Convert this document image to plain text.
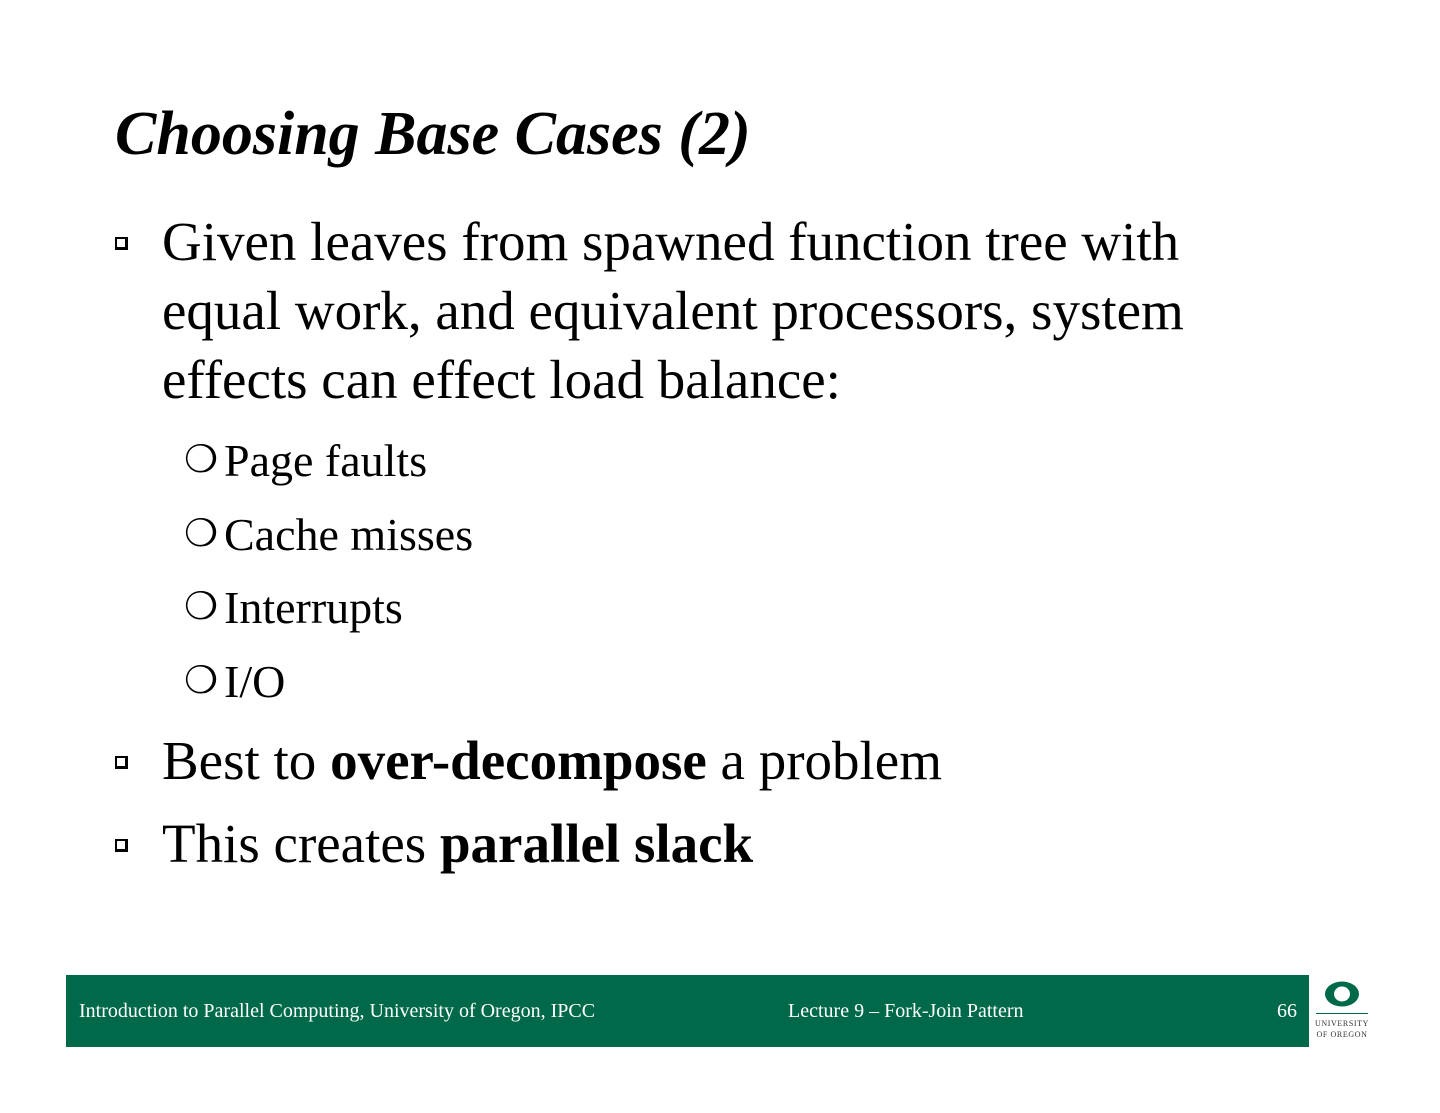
Choosing Base Cases (2)
Given leaves from spawned function tree with
equal work, and equivalent processors, system
effects can effect load balance:
❍ Page faults
❍ Cache misses
❍ Interrupts
❍ I/O
Best to over-decompose a problem
This creates parallel slack
Introduction to Parallel Computing, University of Oregon, IPCC	Lecture 9 – Fork-Join Pattern	66
UNIVERSITY
OF OREGON
